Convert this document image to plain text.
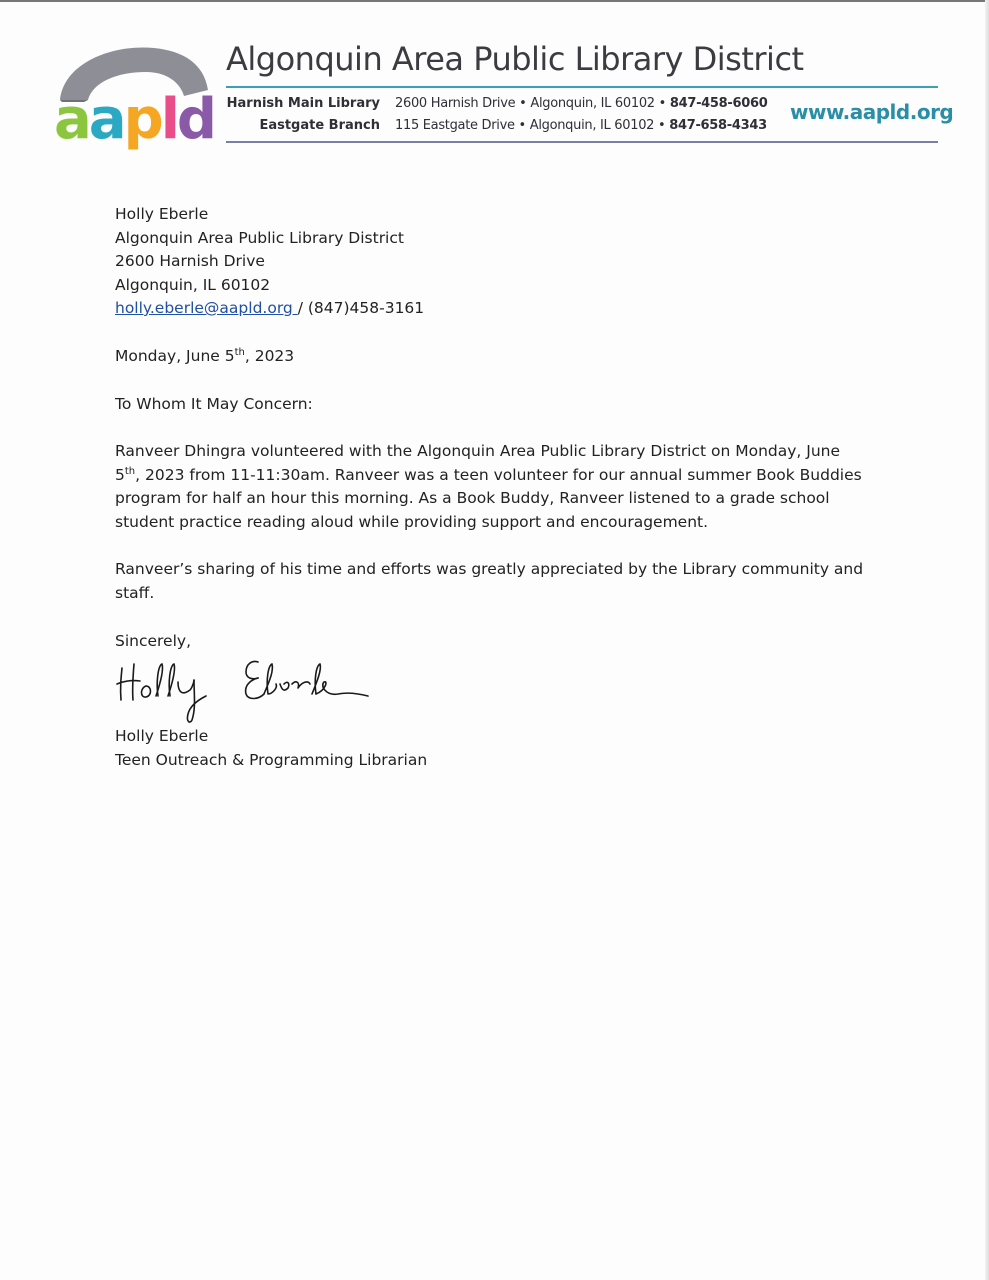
aapld
Algonquin Area Public Library District
Harnish Main Library 2600 Harnish Drive • Algonquin, IL 60102 • 847-458-6060
Eastgate Branch 115 Eastgate Drive • Algonquin, IL 60102 • 847-658-4343
www.aapld.org
Holly Eberle
Algonquin Area Public Library District
2600 Harnish Drive
Algonquin, IL 60102
holly.eberle@aapld.org / (847)458-3161
Monday, June 5th, 2023
To Whom It May Concern:
Ranveer Dhingra volunteered with the Algonquin Area Public Library District on Monday, June
5th, 2023 from 11-11:30am. Ranveer was a teen volunteer for our annual summer Book Buddies
program for half an hour this morning. As a Book Buddy, Ranveer listened to a grade school
student practice reading aloud while providing support and encouragement.
Ranveer’s sharing of his time and efforts was greatly appreciated by the Library community and
staff.
Sincerely,
Holly Eberle
Teen Outreach & Programming Librarian
